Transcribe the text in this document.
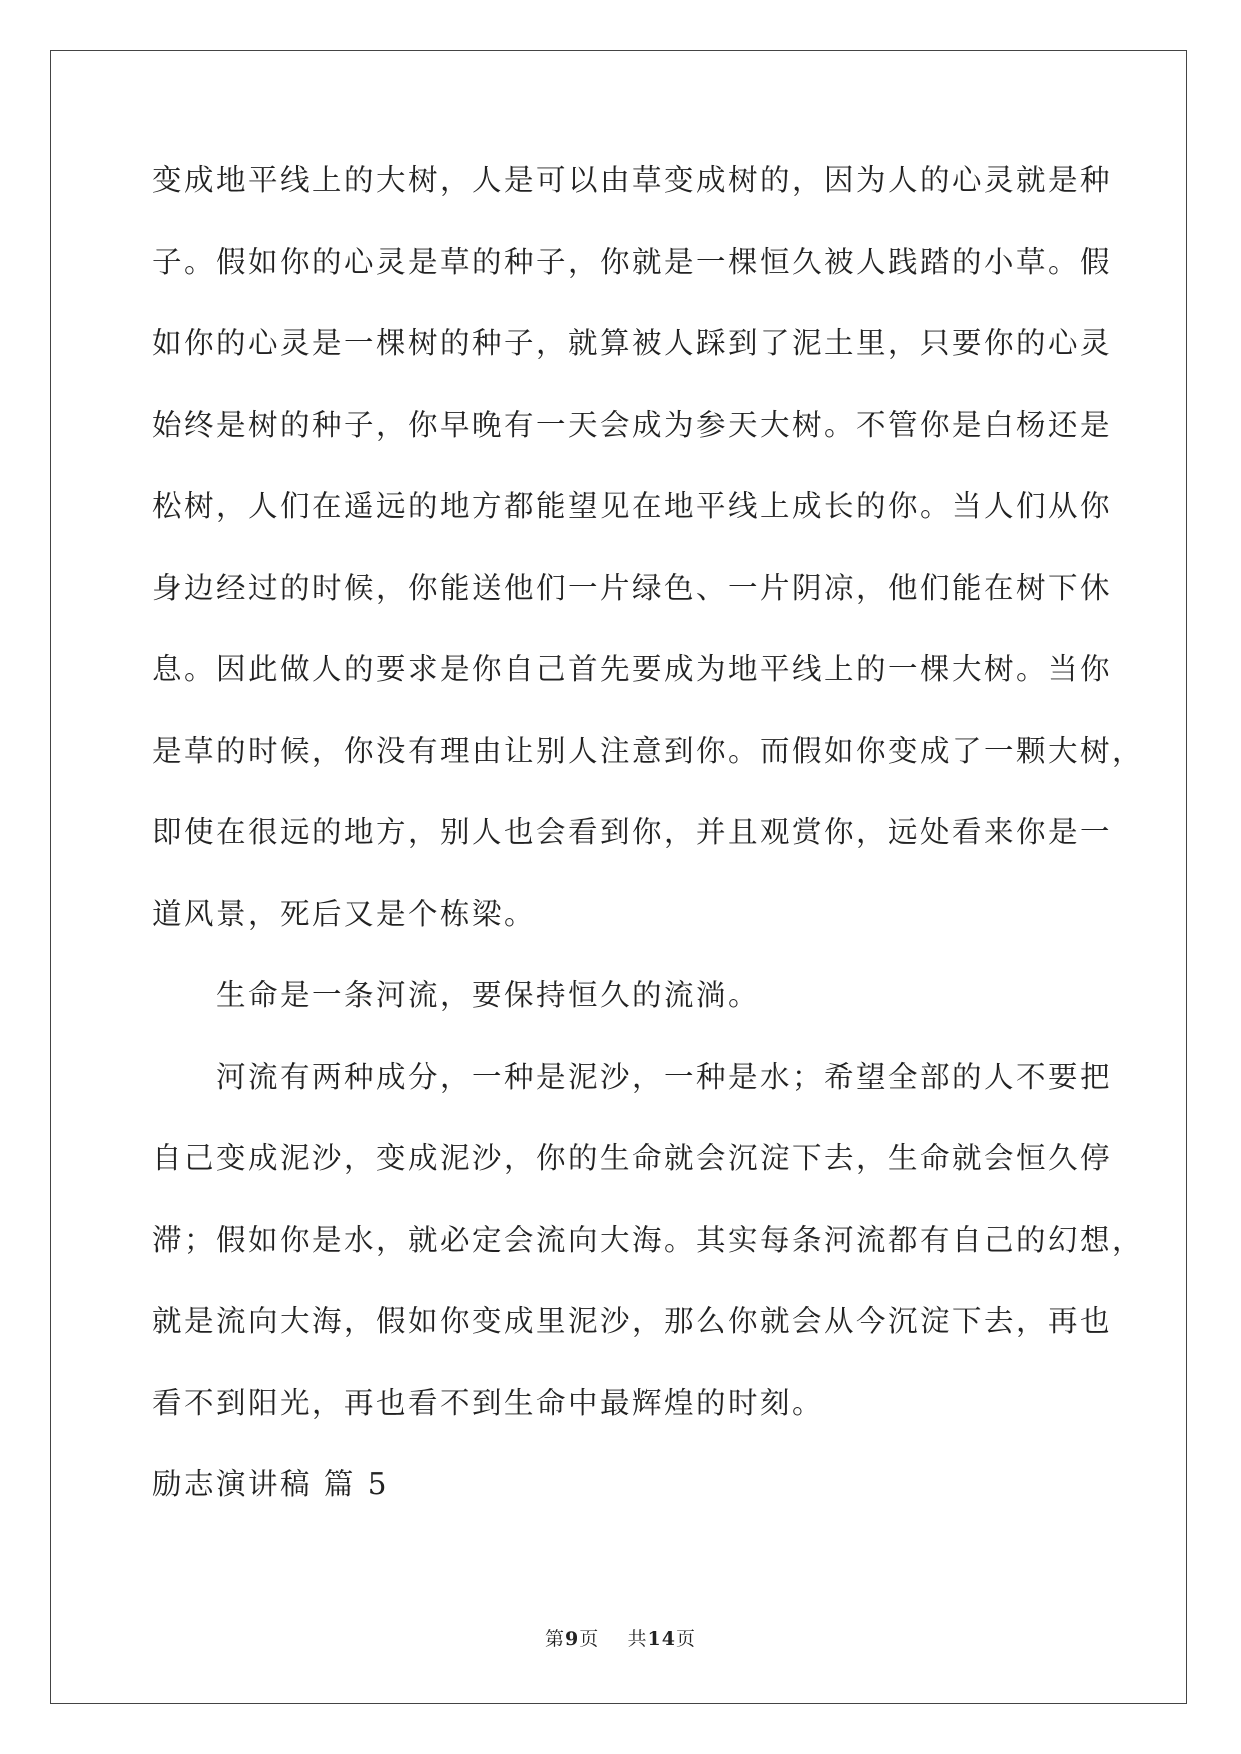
变成地平线上的大树，人是可以由草变成树的，因为人的心灵就是种
子。假如你的心灵是草的种子，你就是一棵恒久被人践踏的小草。假
如你的心灵是一棵树的种子，就算被人踩到了泥土里，只要你的心灵
始终是树的种子，你早晚有一天会成为参天大树。不管你是白杨还是
松树，人们在遥远的地方都能望见在地平线上成长的你。当人们从你
身边经过的时候，你能送他们一片绿色、一片阴凉，他们能在树下休
息。因此做人的要求是你自己首先要成为地平线上的一棵大树。当你
是草的时候，你没有理由让别人注意到你。而假如你变成了一颗大树，
即使在很远的地方，别人也会看到你，并且观赏你，远处看来你是一
道风景，死后又是个栋梁。
生命是一条河流，要保持恒久的流淌。
河流有两种成分，一种是泥沙，一种是水；希望全部的人不要把
自己变成泥沙，变成泥沙，你的生命就会沉淀下去，生命就会恒久停
滞；假如你是水，就必定会流向大海。其实每条河流都有自己的幻想，
就是流向大海，假如你变成里泥沙，那么你就会从今沉淀下去，再也
看不到阳光，再也看不到生命中最辉煌的时刻。
励志演讲稿 篇 5
第9页 共14页
